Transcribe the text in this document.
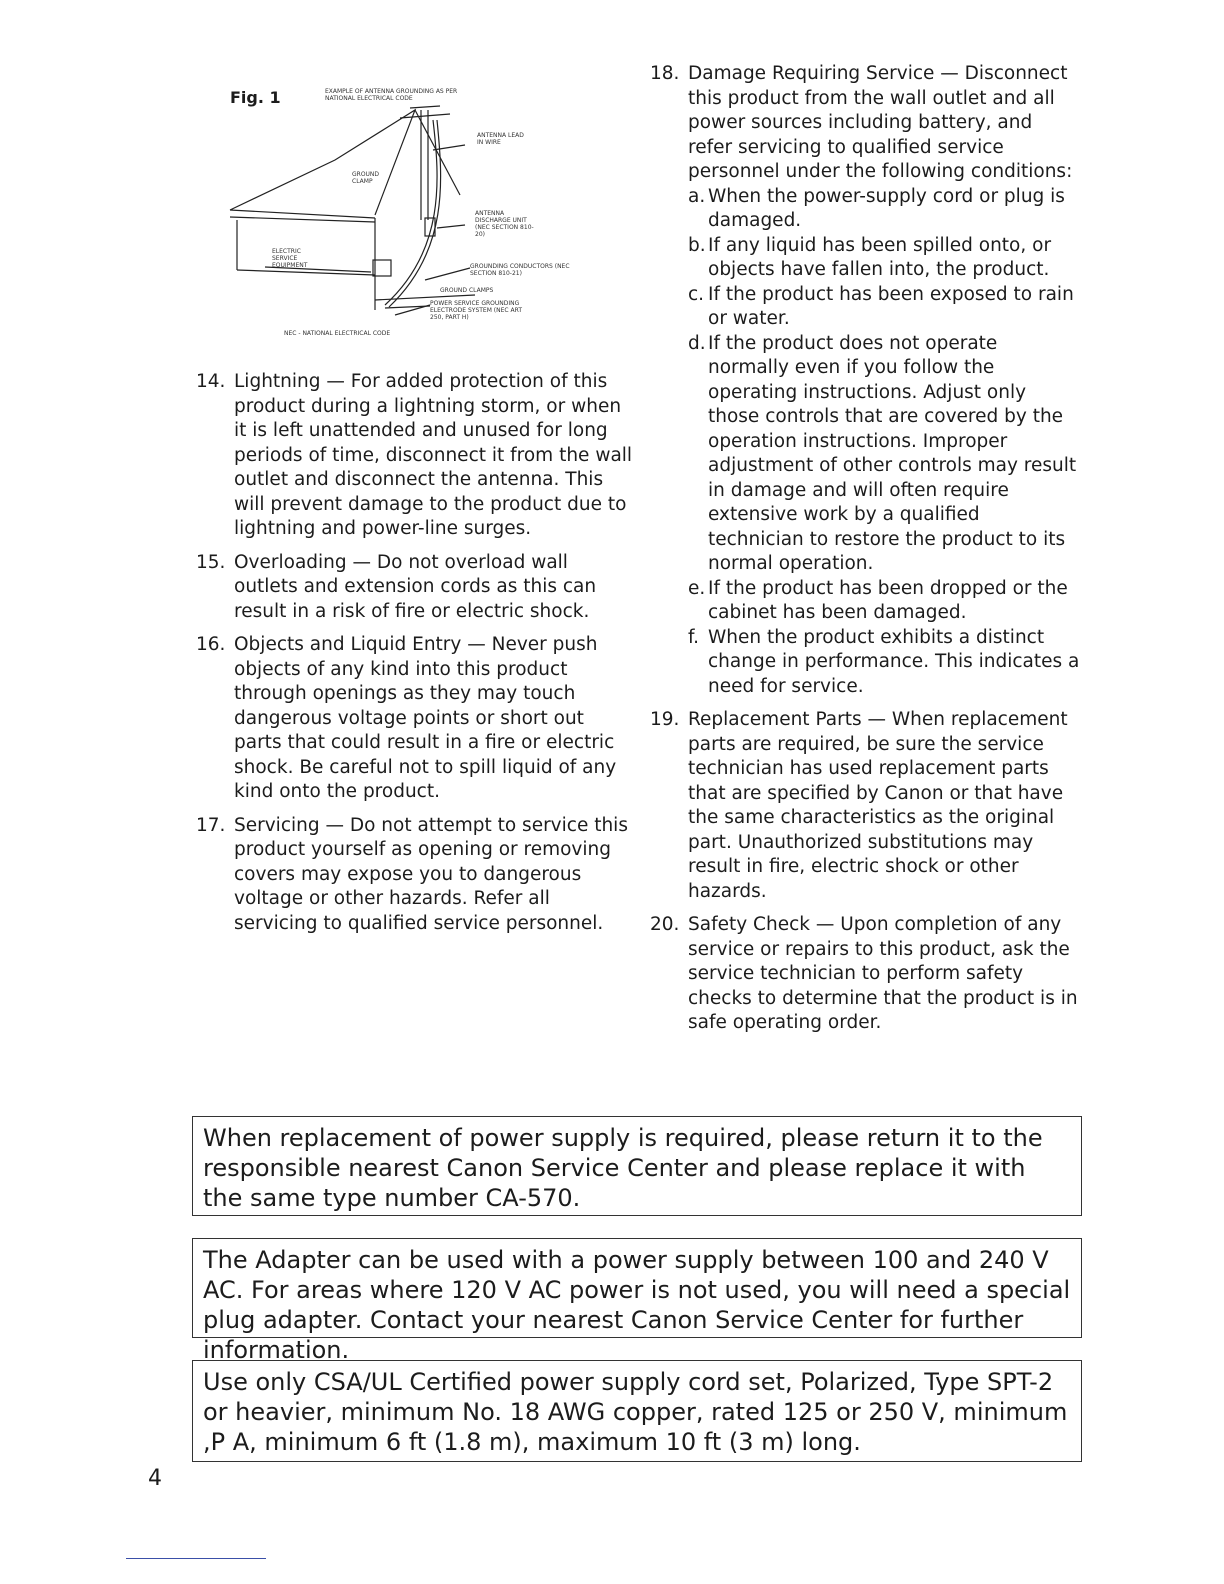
Fig. 1	EXAMPLE OF ANTENNA GROUNDING AS PER NATIONAL ELECTRICAL CODE
ANTENNA LEAD IN WIRE
GROUND CLAMP
ANTENNA DISCHARGE UNIT (NEC SECTION 810-20)
ELECTRIC SERVICE EQUIPMENT	GROUNDING CONDUCTORS (NEC SECTION 810-21)
GROUND CLAMPS
POWER SERVICE GROUNDING ELECTRODE SYSTEM (NEC ART 250, PART H)
NEC - NATIONAL ELECTRICAL CODE
14. Lightning — For added protection of this product during a lightning storm, or when it is left unattended and unused for long periods of time, disconnect it from the wall outlet and disconnect the antenna. This will prevent damage to the product due to lightning and power-line surges.
15. Overloading — Do not overload wall outlets and extension cords as this can result in a risk of fire or electric shock.
16. Objects and Liquid Entry — Never push objects of any kind into this product through openings as they may touch dangerous voltage points or short out parts that could result in a fire or electric shock. Be careful not to spill liquid of any kind onto the product.
17. Servicing — Do not attempt to service this product yourself as opening or removing covers may expose you to dangerous voltage or other hazards. Refer all servicing to qualified service personnel.
18. Damage Requiring Service — Disconnect this product from the wall outlet and all power sources including battery, and refer servicing to qualified service personnel under the following conditions:
a. When the power-supply cord or plug is damaged.
b. If any liquid has been spilled onto, or objects have fallen into, the product.
c. If the product has been exposed to rain or water.
d. If the product does not operate normally even if you follow the operating instructions. Adjust only those controls that are covered by the operation instructions. Improper adjustment of other controls may result in damage and will often require extensive work by a qualified technician to restore the product to its normal operation.
e. If the product has been dropped or the cabinet has been damaged.
f. When the product exhibits a distinct change in performance. This indicates a need for service.
19. Replacement Parts — When replacement parts are required, be sure the service technician has used replacement parts that are specified by Canon or that have the same characteristics as the original part. Unauthorized substitutions may result in fire, electric shock or other hazards.
20. Safety Check — Upon completion of any service or repairs to this product, ask the service technician to perform safety checks to determine that the product is in safe operating order.
When replacement of power supply is required, please return it to the responsible nearest Canon Service Center and please replace it with the same type number CA-570.
The Adapter can be used with a power supply between 100 and 240 V AC. For areas where 120 V AC power is not used, you will need a special plug adapter. Contact your nearest Canon Service Center for further information.
Use only CSA/UL Certified power supply cord set, Polarized, Type SPT-2 or heavier, minimum No. 18 AWG copper, rated 125 or 250 V, minimum ,P A, minimum 6 ft (1.8 m), maximum 10 ft (3 m) long.
4
